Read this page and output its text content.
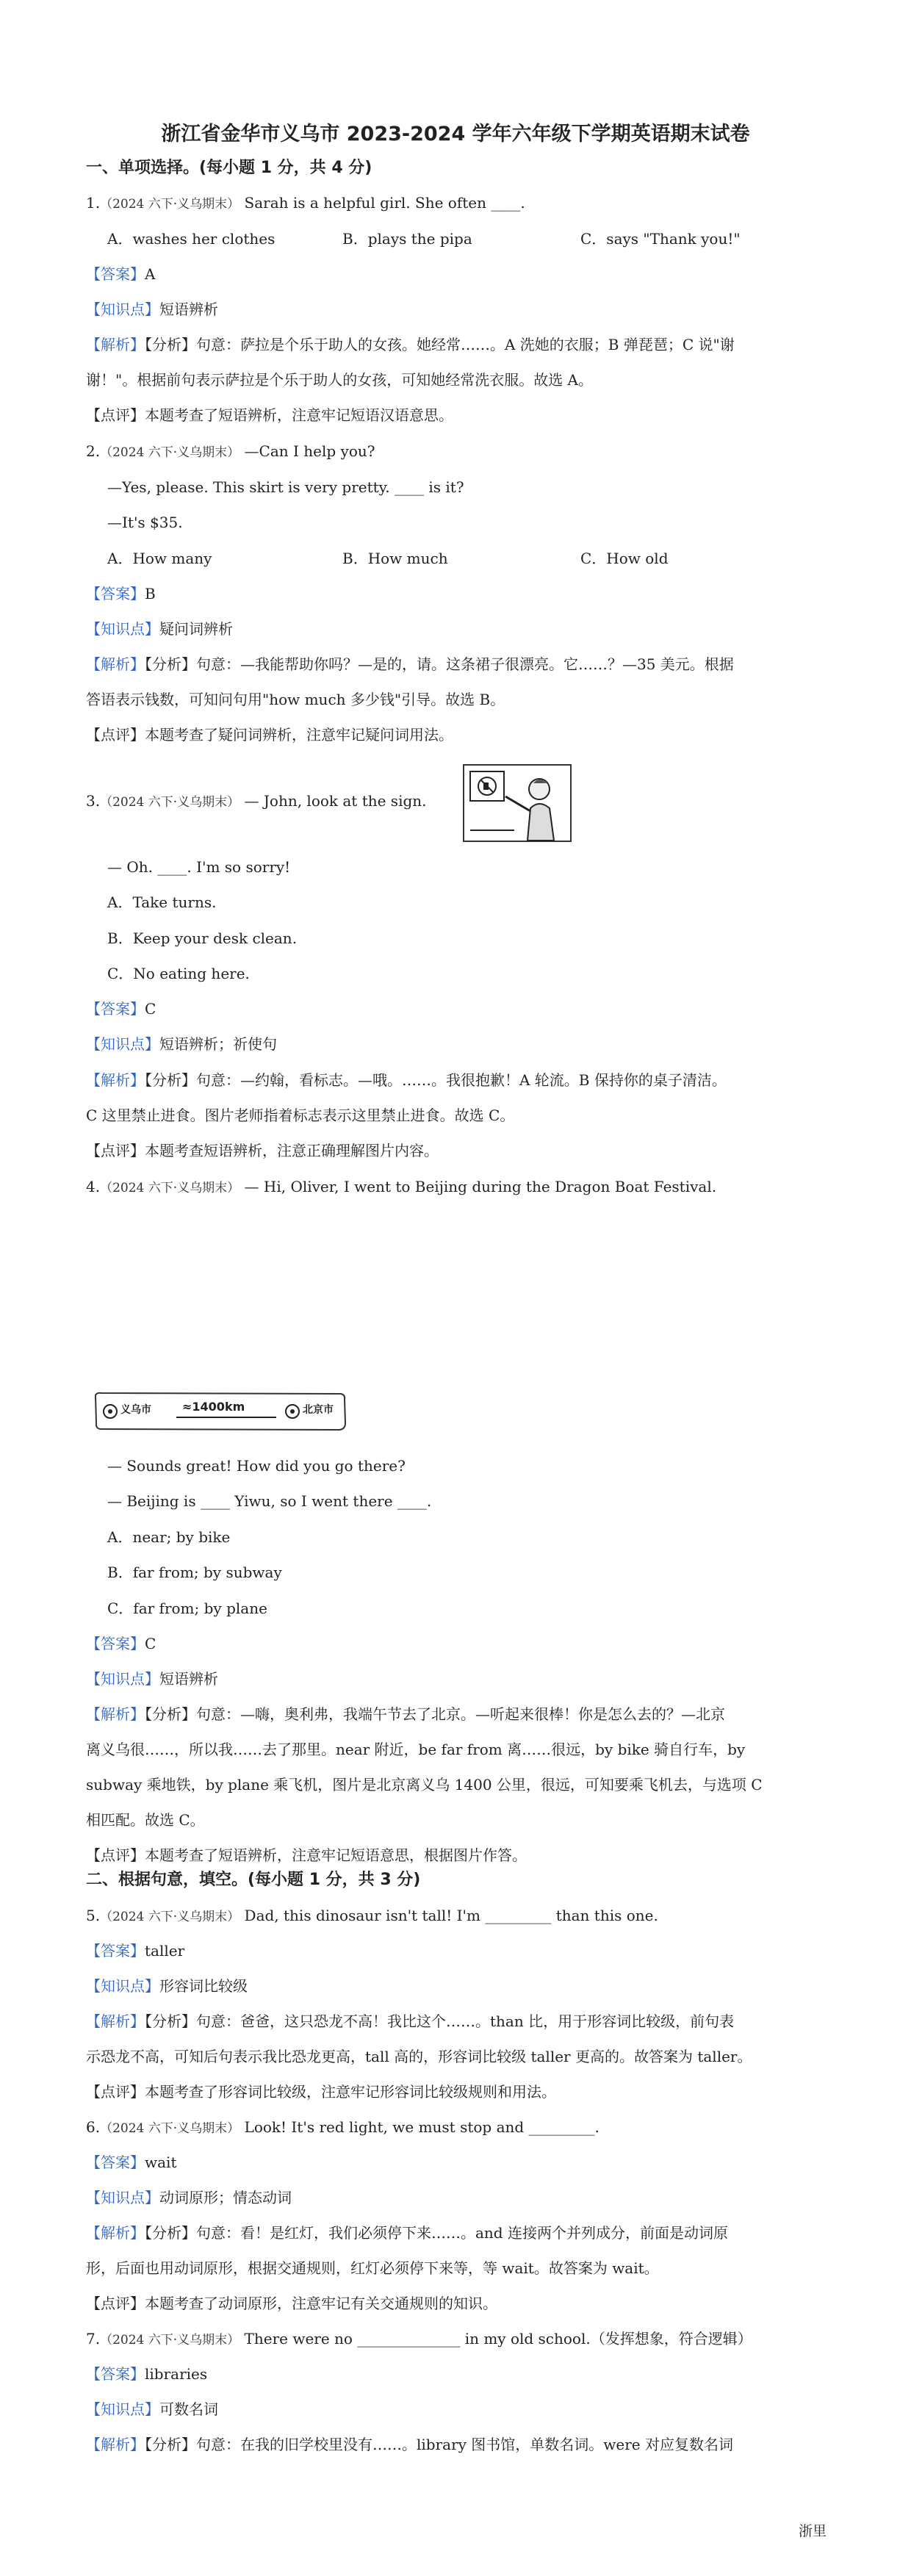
浙江省金华市义乌市 2023-2024 学年六年级下学期英语期末试卷
一、单项选择。(每小题 1 分，共 4 分)
1.（2024 六下·义乌期末） Sarah is a helpful girl. She often ____.
A．washes her clothes	B．plays the pipa	C．says "Thank you!"
【答案】A
【知识点】短语辨析
【解析】【分析】句意：萨拉是个乐于助人的女孩。她经常……。A 洗她的衣服；B 弹琵琶；C 说"谢
谢！"。根据前句表示萨拉是个乐于助人的女孩，可知她经常洗衣服。故选 A。
【点评】本题考查了短语辨析，注意牢记短语汉语意思。
2.（2024 六下·义乌期末） —Can I help you?
—Yes, please. This skirt is very pretty. ____ is it?
—It's $35.
A．How many	B．How much	C．How old
【答案】B
【知识点】疑问词辨析
【解析】【分析】句意：—我能帮助你吗？—是的，请。这条裙子很漂亮。它……？—35 美元。根据
答语表示钱数，可知问句用"how much 多少钱"引导。故选 B。
【点评】本题考查了疑问词辨析，注意牢记疑问词用法。
3.（2024 六下·义乌期末） — John, look at the sign.
— Oh. ____. I'm so sorry!
A．Take turns.
B．Keep your desk clean.
C．No eating here.
【答案】C
【知识点】短语辨析；祈使句
【解析】【分析】句意：—约翰，看标志。—哦。……。我很抱歉！A 轮流。B 保持你的桌子清洁。
C 这里禁止进食。图片老师指着标志表示这里禁止进食。故选 C。
【点评】本题考查短语辨析，注意正确理解图片内容。
4.（2024 六下·义乌期末） — Hi, Oliver, I went to Beijing during the Dragon Boat Festival.
义乌市	≈1400km	北京市
— Sounds great! How did you go there?
— Beijing is ____ Yiwu, so I went there ____.
A．near; by bike
B．far from; by subway
C．far from; by plane
【答案】C
【知识点】短语辨析
【解析】【分析】句意：—嗨，奥利弗，我端午节去了北京。—听起来很棒！你是怎么去的？—北京
离义乌很……，所以我……去了那里。near 附近，be far from 离……很远，by bike 骑自行车，by
subway 乘地铁，by plane 乘飞机，图片是北京离义乌 1400 公里，很远，可知要乘飞机去，与选项 C
相匹配。故选 C。
【点评】本题考查了短语辨析，注意牢记短语意思，根据图片作答。
二、根据句意，填空。(每小题 1 分，共 3 分)
5.（2024 六下·义乌期末） Dad, this dinosaur isn't tall! I'm _________ than this one.
【答案】taller
【知识点】形容词比较级
【解析】【分析】句意：爸爸，这只恐龙不高！我比这个……。than 比，用于形容词比较级，前句表
示恐龙不高，可知后句表示我比恐龙更高，tall 高的，形容词比较级 taller 更高的。故答案为 taller。
【点评】本题考查了形容词比较级，注意牢记形容词比较级规则和用法。
6.（2024 六下·义乌期末） Look! It's red light, we must stop and _________.
【答案】wait
【知识点】动词原形；情态动词
【解析】【分析】句意：看！是红灯，我们必须停下来……。and 连接两个并列成分，前面是动词原
形，后面也用动词原形，根据交通规则，红灯必须停下来等，等 wait。故答案为 wait。
【点评】本题考查了动词原形，注意牢记有关交通规则的知识。
7.（2024 六下·义乌期末） There were no ______________ in my old school.（发挥想象，符合逻辑）
【答案】libraries
【知识点】可数名词
【解析】【分析】句意：在我的旧学校里没有……。library 图书馆，单数名词。were 对应复数名词
浙里
